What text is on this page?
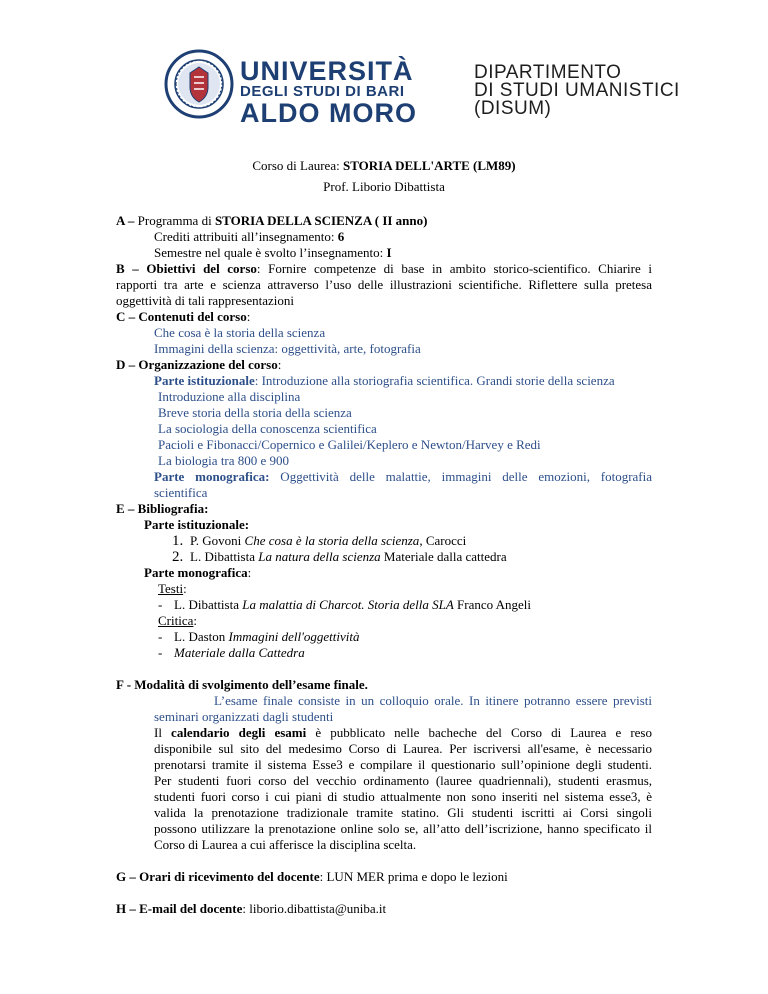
UNIVERSITÀ
DEGLI STUDI DI BARI
ALDO MORO
DIPARTIMENTO
DI STUDI UMANISTICI
(DISUM)
Corso di Laurea: STORIA DELL'ARTE (LM89)
Prof. Liborio Dibattista
A – Programma di STORIA DELLA SCIENZA ( II anno)
Crediti attribuiti all’insegnamento: 6
Semestre nel quale è svolto l’insegnamento: I
B – Obiettivi del corso: Fornire competenze di base in ambito storico-scientifico. Chiarire i
rapporti tra arte e scienza attraverso l’uso delle illustrazioni scientifiche. Riflettere sulla pretesa
oggettività di tali rappresentazioni
C – Contenuti del corso:
Che cosa è la storia della scienza
Immagini della scienza: oggettività, arte, fotografia
D – Organizzazione del corso:
Parte istituzionale: Introduzione alla storiografia scientifica. Grandi storie della scienza
Introduzione alla disciplina
Breve storia della storia della scienza
La sociologia della conoscenza scientifica
Pacioli e Fibonacci/Copernico e Galilei/Keplero e Newton/Harvey e Redi
La biologia tra 800 e 900
Parte monografica: Oggettività delle malattie, immagini delle emozioni, fotografia
scientifica
E – Bibliografia:
Parte istituzionale:
1. P. Govoni Che cosa è la storia della scienza, Carocci
2. L. Dibattista La natura della scienza Materiale dalla cattedra
Parte monografica:
Testi:
- L. Dibattista La malattia di Charcot. Storia della SLA Franco Angeli
Critica:
- L. Daston Immagini dell'oggettività
- Materiale dalla Cattedra
F - Modalità di svolgimento dell’esame finale.
L’esame finale consiste in un colloquio orale. In itinere potranno essere previsti
seminari organizzati dagli studenti
Il calendario degli esami è pubblicato nelle bacheche del Corso di Laurea e reso
disponibile sul sito del medesimo Corso di Laurea. Per iscriversi all'esame, è necessario
prenotarsi tramite il sistema Esse3 e compilare il questionario sull’opinione degli studenti.
Per studenti fuori corso del vecchio ordinamento (lauree quadriennali), studenti erasmus,
studenti fuori corso i cui piani di studio attualmente non sono inseriti nel sistema esse3, è
valida la prenotazione tradizionale tramite statino. Gli studenti iscritti ai Corsi singoli
possono utilizzare la prenotazione online solo se, all’atto dell’iscrizione, hanno specificato il
Corso di Laurea a cui afferisce la disciplina scelta.
G – Orari di ricevimento del docente: LUN MER prima e dopo le lezioni
H – E-mail del docente: liborio.dibattista@uniba.it
